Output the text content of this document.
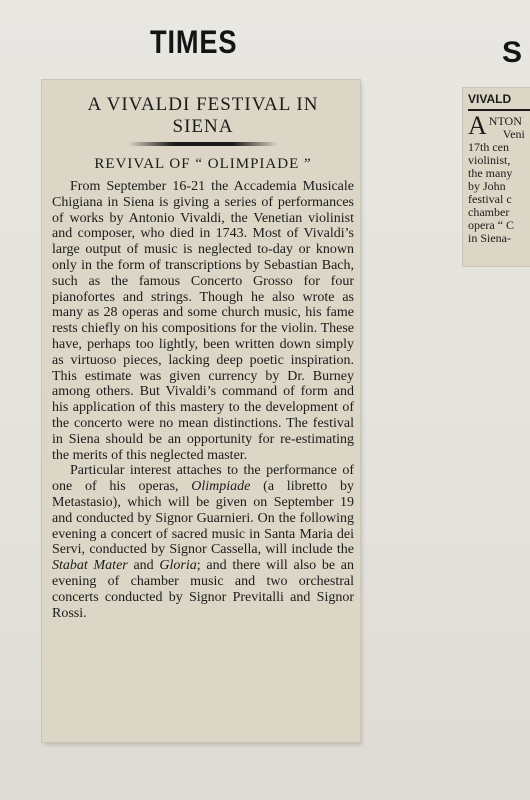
TIMES	S
A VIVALDI FESTIVAL IN
SIENA
REVIVAL OF “ OLIMPIADE ”

From September 16-21 the Accademia Musicale Chigiana in Siena is giving a series of performances of works by Antonio Vivaldi, the Venetian violinist and composer, who died in 1743. Most of Vivaldi’s large output of music is neglected to-day or known only in the form of transcriptions by Sebastian Bach, such as the famous Concerto Grosso for four pianofortes and strings. Though he also wrote as many as 28 operas and some church music, his fame rests chiefly on his compositions for the violin. These have, perhaps too lightly, been written down simply as virtuoso pieces, lacking deep poetic inspiration. This estimate was given currency by Dr. Burney among others. But Vivaldi’s command of form and his application of this mastery to the development of the concerto were no mean distinctions. The festival in Siena should be an opportunity for re-estimating the merits of this neglected master.

Particular interest attaches to the performance of one of his operas, Olimpiade (a libretto by Metastasio), which will be given on September 19 and conducted by Signor Guarnieri. On the following evening a concert of sacred music in Santa Maria dei Servi, conducted by Signor Cassella, will include the Stabat Mater and Gloria; and there will also be an evening of chamber music and two orchestral concerts conducted by Signor Previtalli and Signor Rossi.

VIVALD
ANTON
Veni
17th cen
violinist,
the many
by John
festival c
chamber
opera “ C
in Siena-
